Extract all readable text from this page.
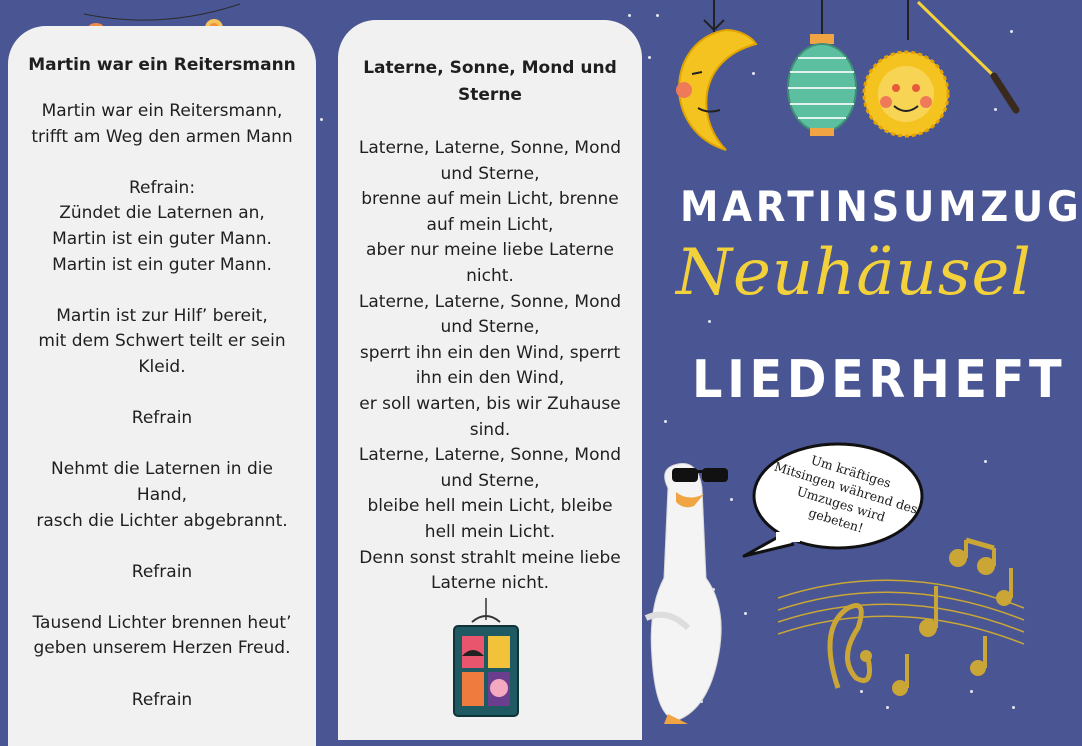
Martin war ein Reitersmann

Martin war ein Reitersmann,
trifft am Weg den armen Mann
Refrain:
Zündet die Laternen an,
Martin ist ein guter Mann.
Martin ist ein guter Mann.
Martin ist zur Hilf’ bereit,
mit dem Schwert teilt er sein
Kleid.
Refrain
Nehmt die Laternen in die
Hand,
rasch die Lichter abgebrannt.
Refrain
Tausend Lichter brennen heut’
geben unserem Herzen Freud.
Refrain

Laterne, Sonne, Mond und
Sterne

Laterne, Laterne, Sonne, Mond
und Sterne,
brenne auf mein Licht, brenne
auf mein Licht,
aber nur meine liebe Laterne
nicht.
Laterne, Laterne, Sonne, Mond
und Sterne,
sperrt ihn ein den Wind, sperrt
ihn ein den Wind,
er soll warten, bis wir Zuhause
sind.
Laterne, Laterne, Sonne, Mond
und Sterne,
bleibe hell mein Licht, bleibe
hell mein Licht.
Denn sonst strahlt meine liebe
Laterne nicht.
MARTINSUMZUG
Neuhäusel
LIEDERHEFT
Um kräftiges Mitsingen während des Umzuges wird gebeten!
